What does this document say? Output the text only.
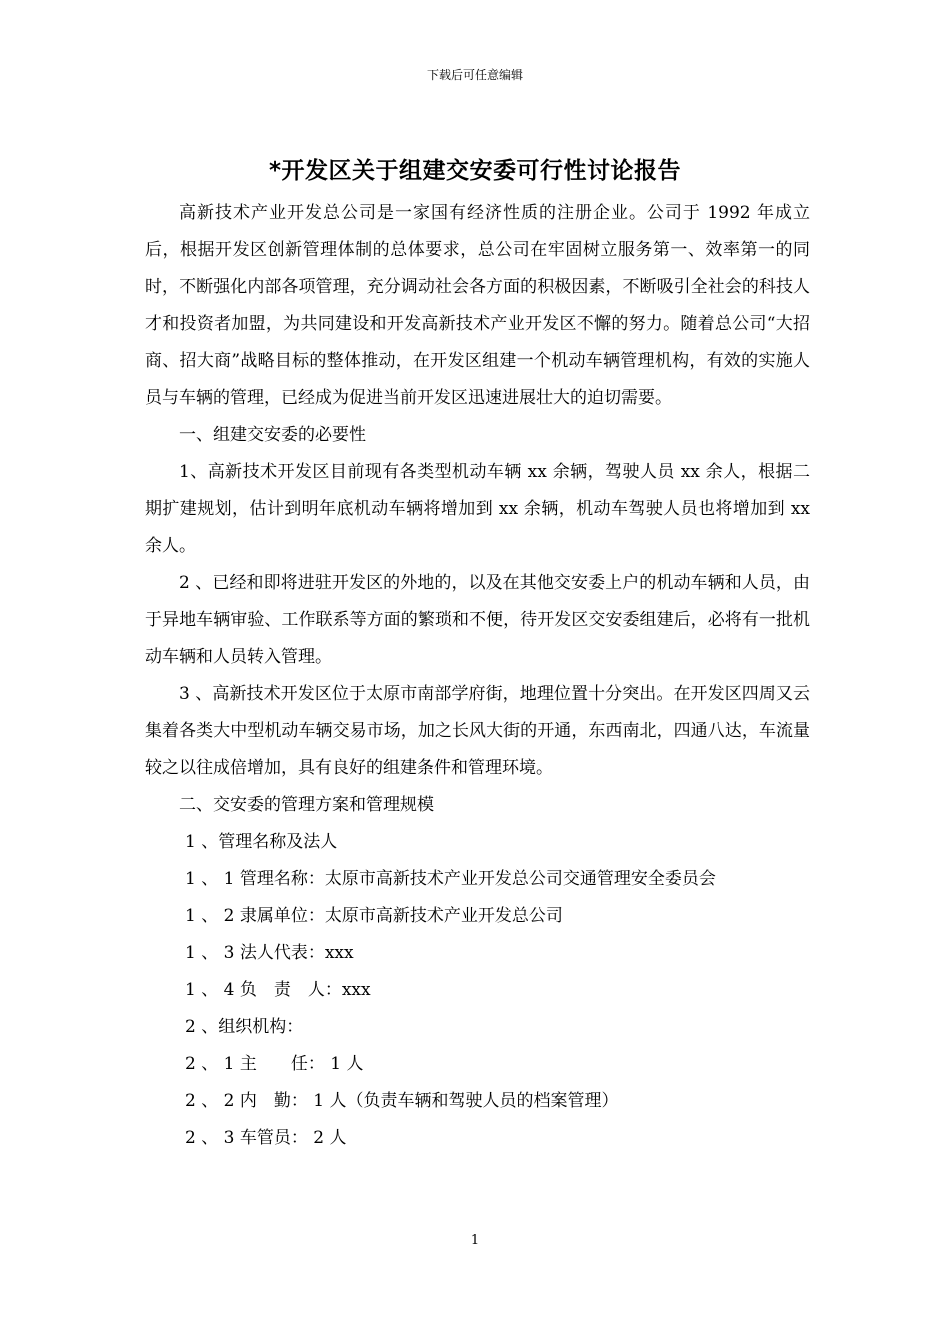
下载后可任意编辑
*开发区关于组建交安委可行性讨论报告

高新技术产业开发总公司是一家国有经济性质的注册企业。公司于 1992 年成立后，根据开发区创新管理体制的总体要求，总公司在牢固树立服务第一、效率第一的同时，不断强化内部各项管理，充分调动社会各方面的积极因素，不断吸引全社会的科技人才和投资者加盟，为共同建设和开发高新技术产业开发区不懈的努力。随着总公司“大招商、招大商”战略目标的整体推动，在开发区组建一个机动车辆管理机构，有效的实施人员与车辆的管理，已经成为促进当前开发区迅速进展壮大的迫切需要。

一、组建交安委的必要性

1、高新技术开发区目前现有各类型机动车辆 xx 余辆，驾驶人员 xx 余人，根据二期扩建规划，估计到明年底机动车辆将增加到 xx 余辆，机动车驾驶人员也将增加到 xx 余人。

2 、已经和即将进驻开发区的外地的，以及在其他交安委上户的机动车辆和人员，由于异地车辆审验、工作联系等方面的繁琐和不便，待开发区交安委组建后，必将有一批机动车辆和人员转入管理。

3 、高新技术开发区位于太原市南部学府街，地理位置十分突出。在开发区四周又云集着各类大中型机动车辆交易市场，加之长风大街的开通，东西南北，四通八达，车流量较之以往成倍增加，具有良好的组建条件和管理环境。

二、交安委的管理方案和管理规模

1 、管理名称及法人

1 、 1 管理名称：太原市高新技术产业开发总公司交通管理安全委员会

1 、 2 隶属单位：太原市高新技术产业开发总公司

1 、 3 法人代表：xxx

1 、 4 负　责　人：xxx

2 、组织机构：

2 、 1 主　　任： 1 人

2 、 2 内　勤： 1 人（负责车辆和驾驶人员的档案管理）

2 、 3 车管员： 2 人

1
